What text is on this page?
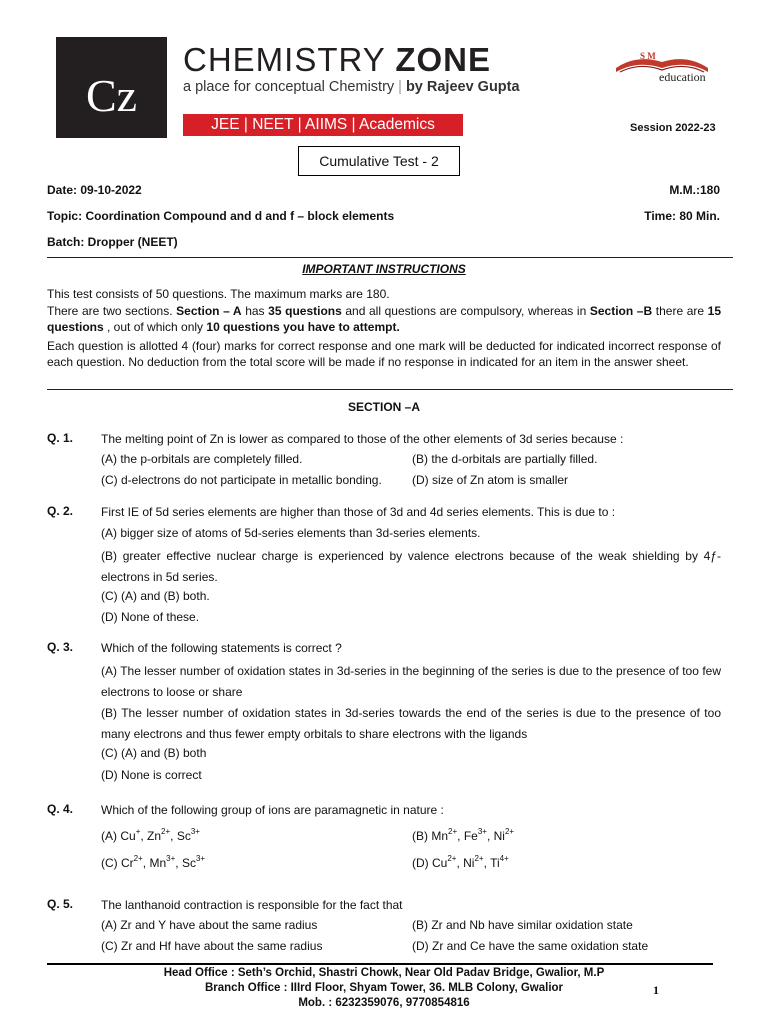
Cz
CHEMISTRY ZONE
a place for conceptual Chemistry | by Rajeev Gupta
JEE | NEET | AIIMS | Academics
S M
education
Session 2022-23
Cumulative Test - 2
Date: 09-10-2022	M.M.:180
Topic: Coordination Compound and d and f – block elements	Time: 80 Min.
Batch: Dropper (NEET)
IMPORTANT INSTRUCTIONS
This test consists of 50 questions. The maximum marks are 180.
There are two sections. Section – A has 35 questions and all questions are compulsory, whereas in Section –B there are 15 questions , out of which only 10 questions you have to attempt.
Each question is allotted 4 (four) marks for correct response and one mark will be deducted for indicated incorrect response of each question. No deduction from the total score will be made if no response in indicated for an item in the answer sheet.
SECTION –A
Q. 1. The melting point of Zn is lower as compared to those of the other elements of 3d series because :
(A) the p-orbitals are completely filled.	(B) the d-orbitals are partially filled.
(C) d-electrons do not participate in metallic bonding.	(D) size of Zn atom is smaller
Q. 2. First IE of 5d series elements are higher than those of 3d and 4d series elements. This is due to :
(A) bigger size of atoms of 5d-series elements than 3d-series elements.
(B) greater effective nuclear charge is experienced by valence electrons because of the weak shielding by 4ƒ-electrons in 5d series.
(C) (A) and (B) both.
(D) None of these.
Q. 3. Which of the following statements is correct ?
(A) The lesser number of oxidation states in 3d-series in the beginning of the series is due to the presence of too few electrons to loose or share
(B) The lesser number of oxidation states in 3d-series towards the end of the series is due to the presence of too many electrons and thus fewer empty orbitals to share electrons with the ligands
(C) (A) and (B) both
(D) None is correct
Q. 4. Which of the following group of ions are paramagnetic in nature :
(A) Cu+, $Zn^{2+}$, $Sc^{3+}$	(B) $Mn^{2+}$, $Fe^{3+}$, $Ni^{2+}$
(C) $Cr^{2+}$, $Mn^{3+}$, $Sc^{3+}$	(D) $Cu^{2+}$, $Ni^{2+}$, $Ti^{4+}$
Q. 5. The lanthanoid contraction is responsible for the fact that
(A) Zr and Y have about the same radius	(B) Zr and Nb have similar oxidation state
(C) Zr and Hf have about the same radius	(D) Zr and Ce have the same oxidation state
Head Office : Seth’s Orchid, Shastri Chowk, Near Old Padav Bridge, Gwalior, M.P
Branch Office : IIIrd Floor, Shyam Tower, 36. MLB Colony, Gwalior
Mob. : 6232359076, 9770854816
1
